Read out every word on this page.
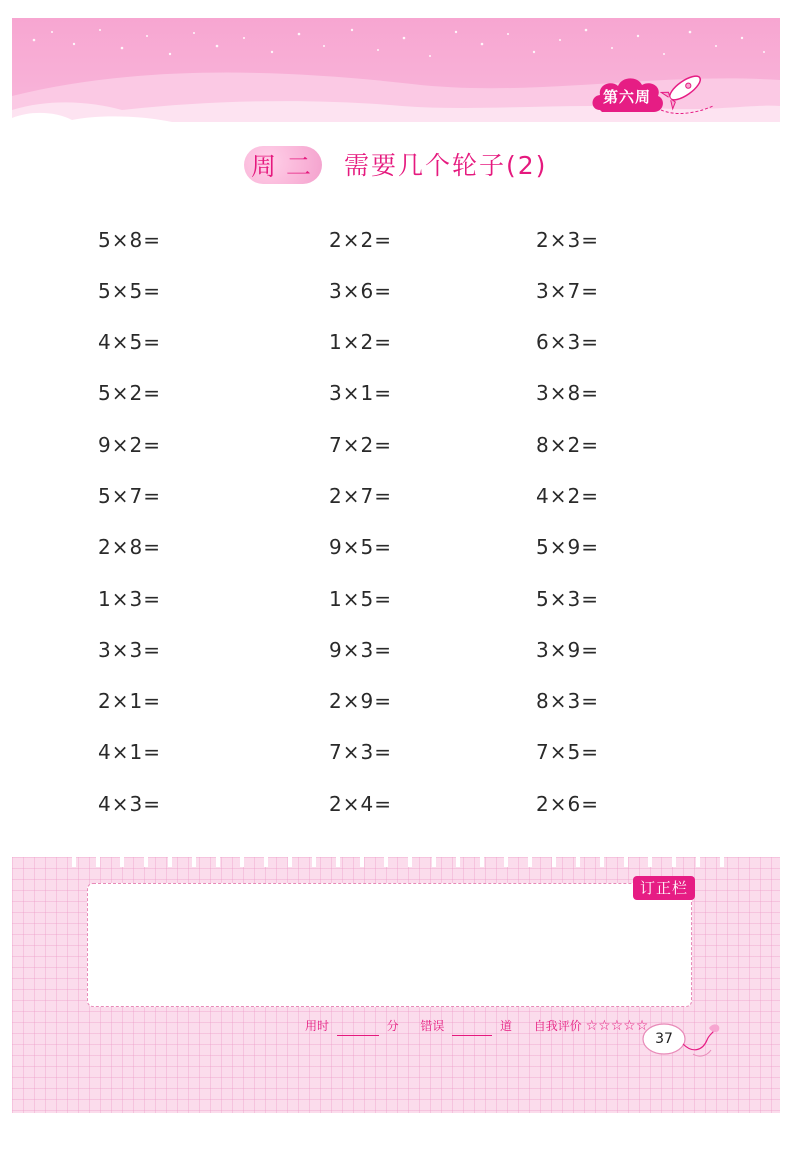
第六周
周二 需要几个轮子(2)
5×8=
5×5=
4×5=
5×2=
9×2=
5×7=
2×8=
1×3=
3×3=
2×1=
4×1=
4×3=
2×2=
3×6=
1×2=
3×1=
7×2=
2×7=
9×5=
1×5=
9×3=
2×9=
7×3=
2×4=
2×3=
3×7=
6×3=
3×8=
8×2=
4×2=
5×9=
5×3=
3×9=
8×3=
7×5=
2×6=
订正栏
用时	分 错误	道 自我评价 ☆☆☆☆☆
37
